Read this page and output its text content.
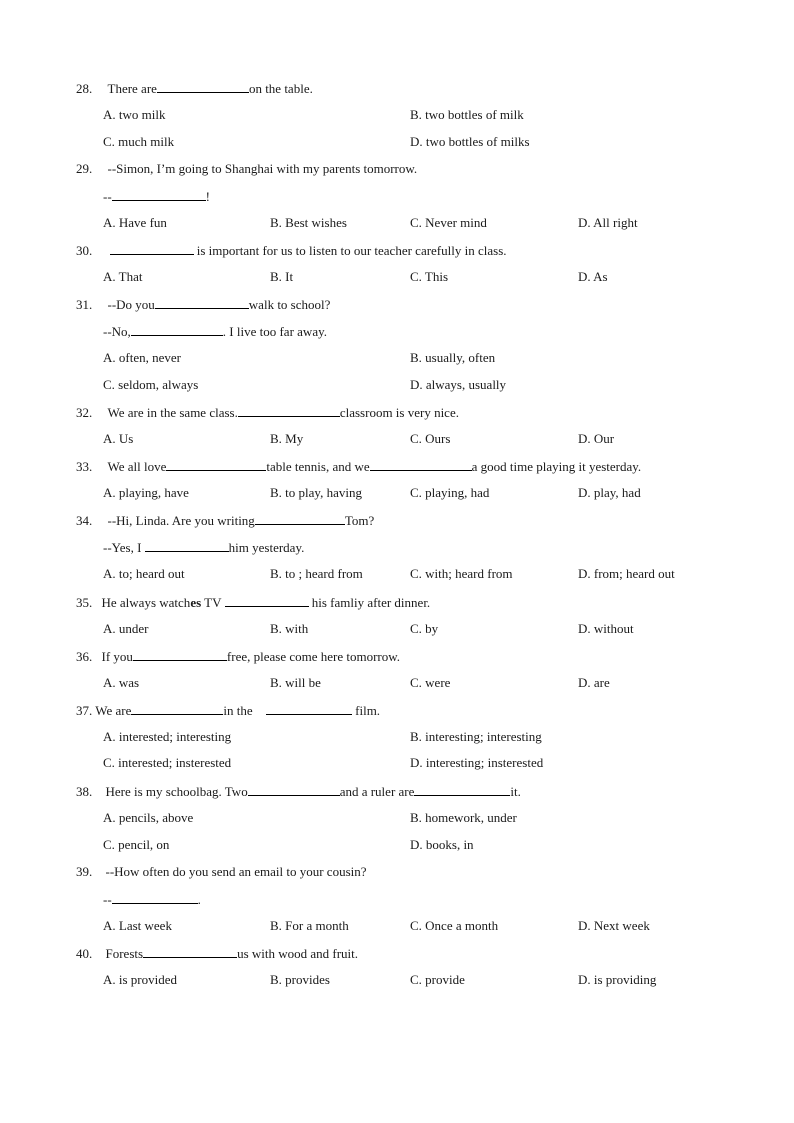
28. There are	on the table.
A. two milk	B. two bottles of milk
C. much milk	D. two bottles of milks
29. --Simon, I’m going to Shanghai with my parents tomorrow.
--	!
A. Have fun	B. Best wishes	C. Never mind	D. All right
30.	is important for us to listen to our teacher carefully in class.
A. That	B. It	C. This	D. As
31. --Do you	walk to school?
--No,	. I live too far away.
A. often, never	B. usually, often
C. seldom, always	D. always, usually
32. We are in the same class.	classroom is very nice.
A. Us	B. My	C. Ours	D. Our
33. We all love	table tennis, and we	a good time playing it yesterday.
A. playing, have	B. to play, having	C. playing, had	D. play, had
34. --Hi, Linda. Are you writing	Tom?
--Yes, I	him yesterday.
A. to; heard out	B. to ; heard from	C. with; heard from	D. from; heard out
35. He always watches TV	his famliy after dinner.
A. under	B. with	C. by	D. without
36. If you	free, please come here tomorrow.
A. was	B. will be	C. were	D. are
37. We are	in the	film.
A. interested; interesting	B. interesting; interesting
C. interested; insterested	D. interesting; insterested
38. Here is my schoolbag. Two	and a ruler are	it.
A. pencils, above	B. homework, under
C. pencil, on	D. books, in
39. --How often do you send an email to your cousin?
--	.
A. Last week	B. For a month	C. Once a month	D. Next week
40. Forests	us with wood and fruit.
A. is provided	B. provides	C. provide	D. is providing
